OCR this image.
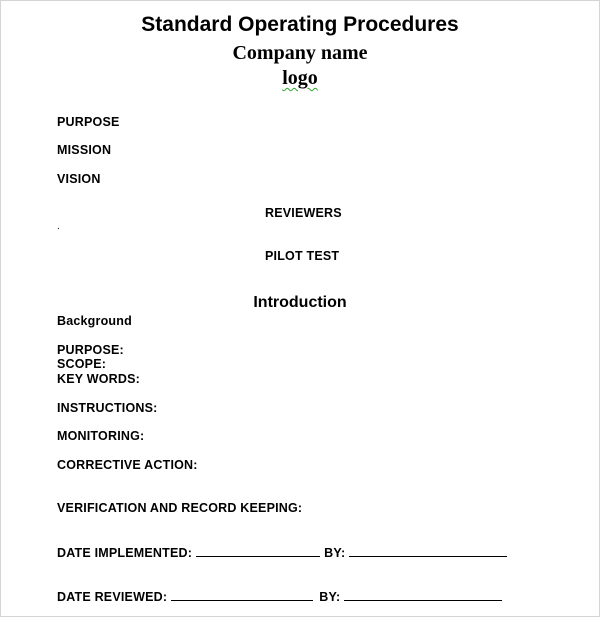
Standard Operating Procedures
Company name
logo
PURPOSE
MISSION
VISION
REVIEWERS
.
PILOT TEST
Introduction
Background
PURPOSE:
SCOPE:
KEY WORDS:
INSTRUCTIONS:
MONITORING:
CORRECTIVE ACTION:
VERIFICATION AND RECORD KEEPING:
DATE IMPLEMENTED:	BY:
DATE REVIEWED:	BY:
